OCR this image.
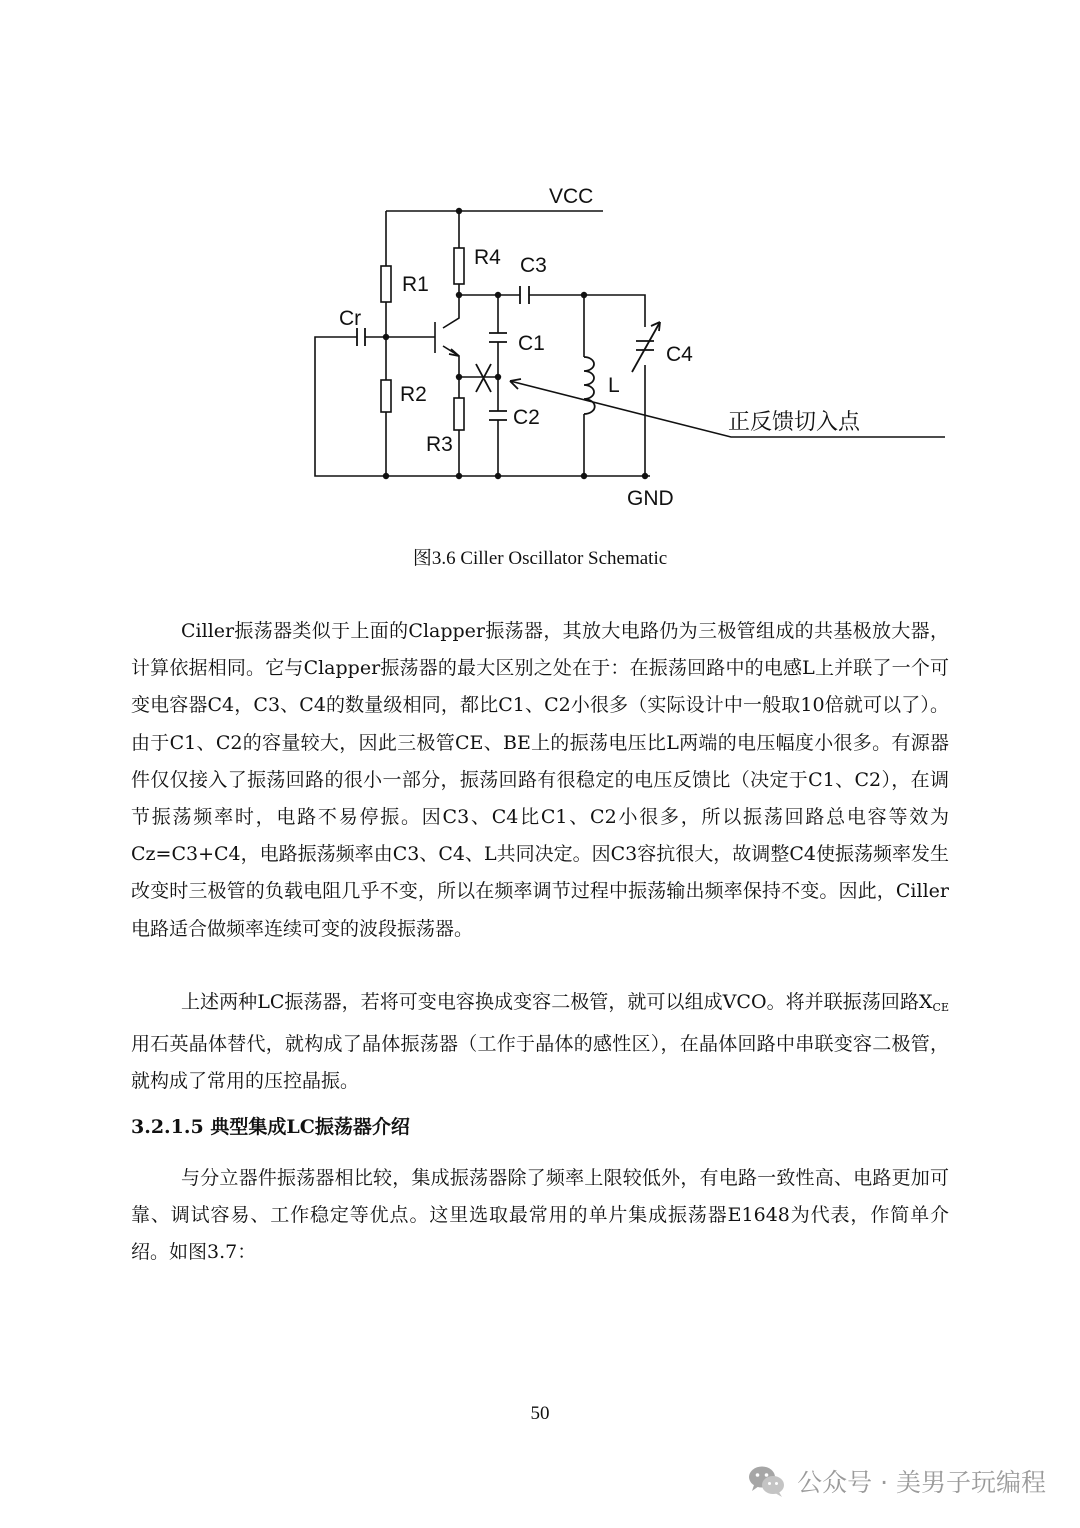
VCC
R1
R4 C3
Cr
C1	C4
L
R2
C2
R3
GND
正反馈切入点
图3.6 Ciller Oscillator Schematic

Ciller振荡器类似于上面的Clapper振荡器，其放大电路仍为三极管组成的共基极放大器，计算依据相同。它与Clapper振荡器的最大区别之处在于：在振荡回路中的电感L上并联了一个可变电容器C4，C3、C4的数量级相同，都比C1、C2小很多（实际设计中一般取10倍就可以了）。由于C1、C2的容量较大，因此三极管CE、BE上的振荡电压比L两端的电压幅度小很多。有源器件仅仅接入了振荡回路的很小一部分，振荡回路有很稳定的电压反馈比（决定于C1、C2），在调节振荡频率时，电路不易停振。因C3、C4比C1、C2小很多，所以振荡回路总电容等效为Cz=C3+C4，电路振荡频率由C3、C4、L共同决定。因C3容抗很大，故调整C4使振荡频率发生改变时三极管的负载电阻几乎不变，所以在频率调节过程中振荡输出频率保持不变。因此，Ciller电路适合做频率连续可变的波段振荡器。

上述两种LC振荡器，若将可变电容换成变容二极管，就可以组成VCO。将并联振荡回路$X_{CE}$用石英晶体替代，就构成了晶体振荡器（工作于晶体的感性区），在晶体回路中串联变容二极管，就构成了常用的压控晶振。

3.2.1.5 典型集成LC振荡器介绍

与分立器件振荡器相比较，集成振荡器除了频率上限较低外，有电路一致性高、电路更加可靠、调试容易、工作稳定等优点。这里选取最常用的单片集成振荡器E1648为代表，作简单介绍。如图3.7：

50
公众号 · 美男子玩编程
